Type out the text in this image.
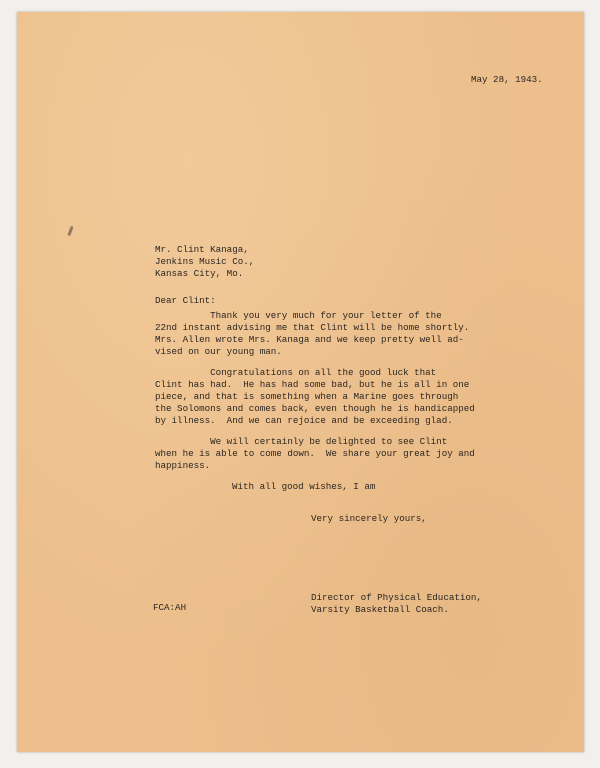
May 28, 1943.
Mr. Clint Kanaga,
Jenkins Music Co.,
Kansas City, Mo.
Dear Clint:
Thank you very much for your letter of the
22nd instant advising me that Clint will be home shortly.
Mrs. Allen wrote Mrs. Kanaga and we keep pretty well ad-
vised on our young man.
Congratulations on all the good luck that
Clint has had.  He has had some bad, but he is all in one
piece, and that is something when a Marine goes through
the Solomons and comes back, even though he is handicapped
by illness.  And we can rejoice and be exceeding glad.
We will certainly be delighted to see Clint
when he is able to come down.  We share your great joy and
happiness.
With all good wishes, I am
Very sincerely yours,
FCA:AH
Director of Physical Education,
Varsity Basketball Coach.
